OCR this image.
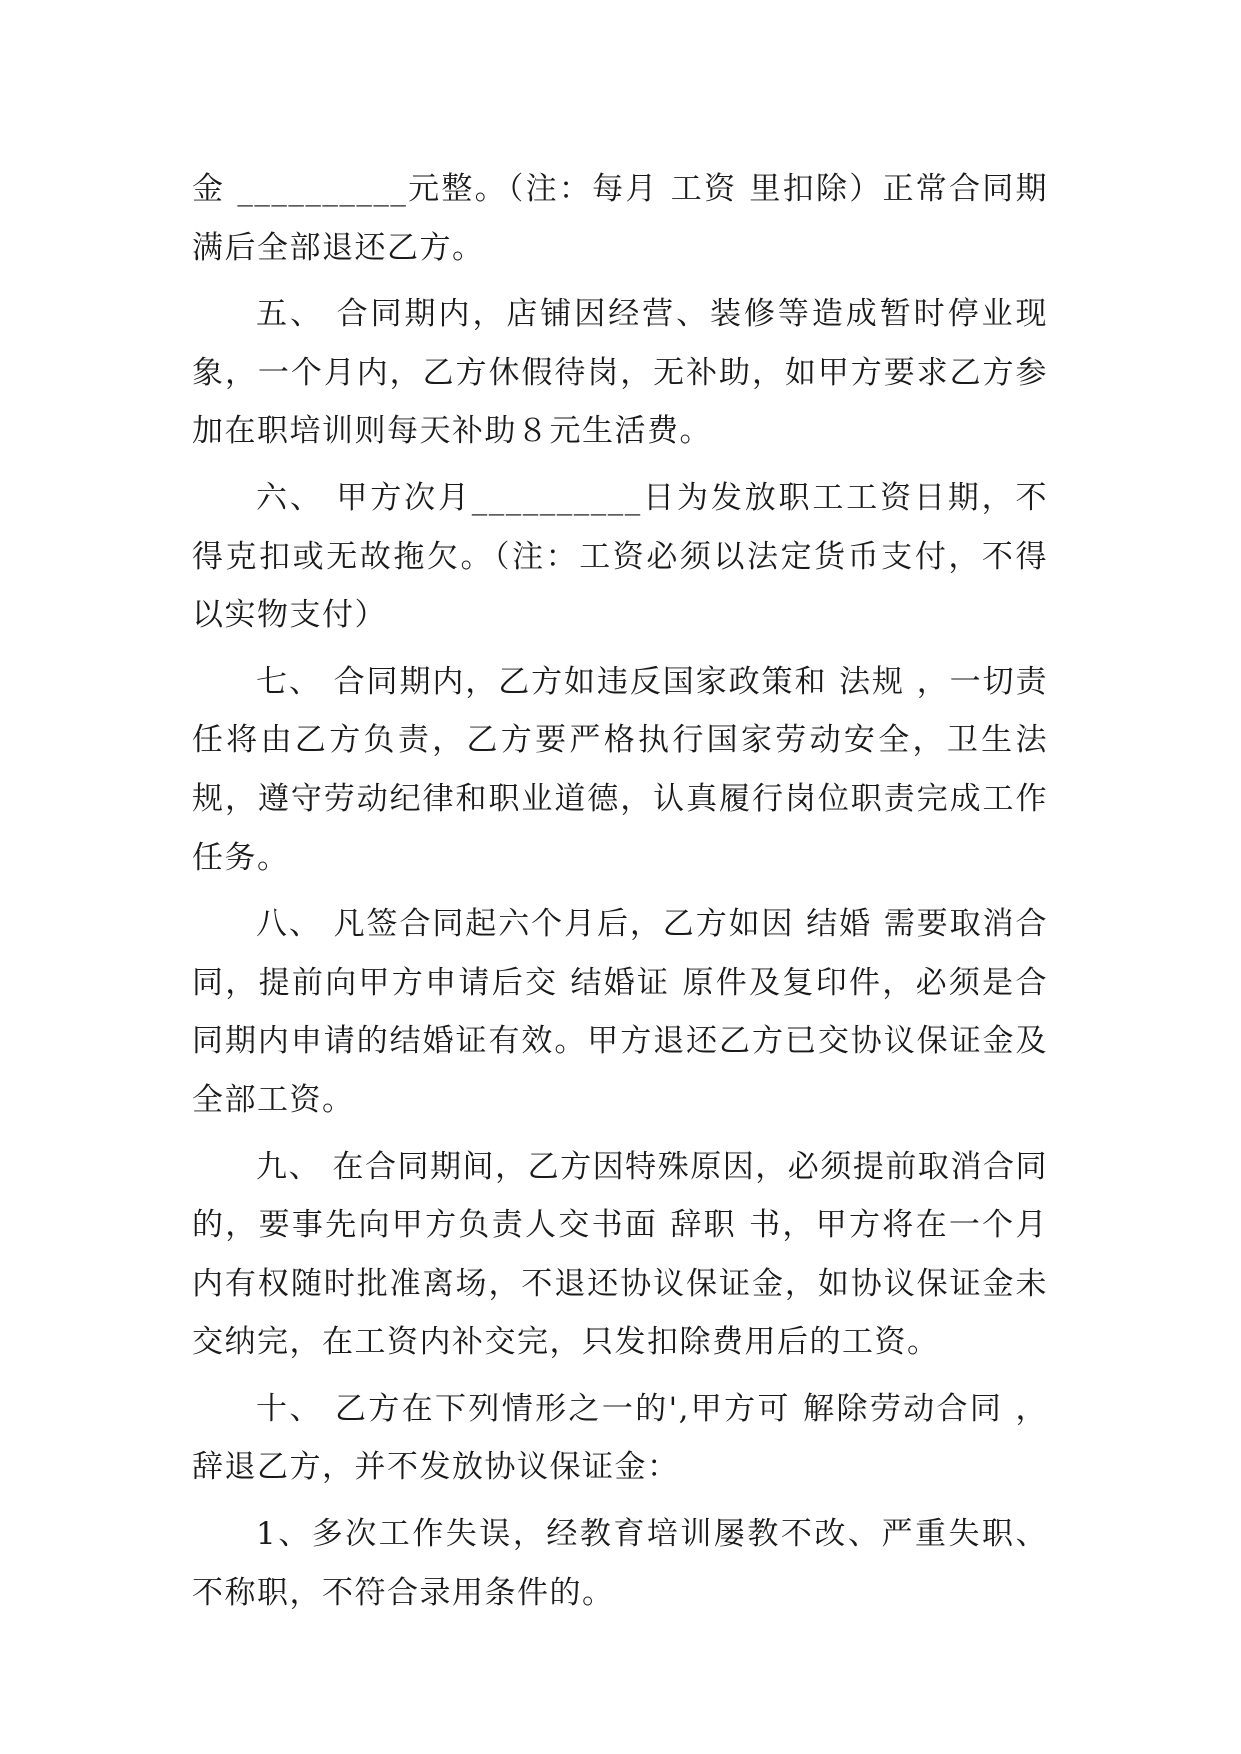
金 __________元整。（注：每月 工资 里扣除）正常合同期满后全部退还乙方。

五、 合同期内，店铺因经营、装修等造成暂时停业现象，一个月内，乙方休假待岗，无补助，如甲方要求乙方参加在职培训则每天补助８元生活费。

六、 甲方次月__________日为发放职工工资日期，不得克扣或无故拖欠。（注：工资必须以法定货币支付，不得以实物支付）

七、 合同期内，乙方如违反国家政策和 法规 ，一切责任将由乙方负责，乙方要严格执行国家劳动安全，卫生法规，遵守劳动纪律和职业道德，认真履行岗位职责完成工作任务。

八、 凡签合同起六个月后，乙方如因 结婚 需要取消合同，提前向甲方申请后交 结婚证 原件及复印件，必须是合同期内申请的结婚证有效。甲方退还乙方已交协议保证金及全部工资。

九、 在合同期间，乙方因特殊原因，必须提前取消合同的，要事先向甲方负责人交书面 辞职 书，甲方将在一个月内有权随时批准离场，不退还协议保证金，如协议保证金未交纳完，在工资内补交完，只发扣除费用后的工资。

十、 乙方在下列情形之一的',甲方可 解除劳动合同 ，辞退乙方，并不发放协议保证金：

1、多次工作失误，经教育培训屡教不改、严重失职、不称职，不符合录用条件的。
